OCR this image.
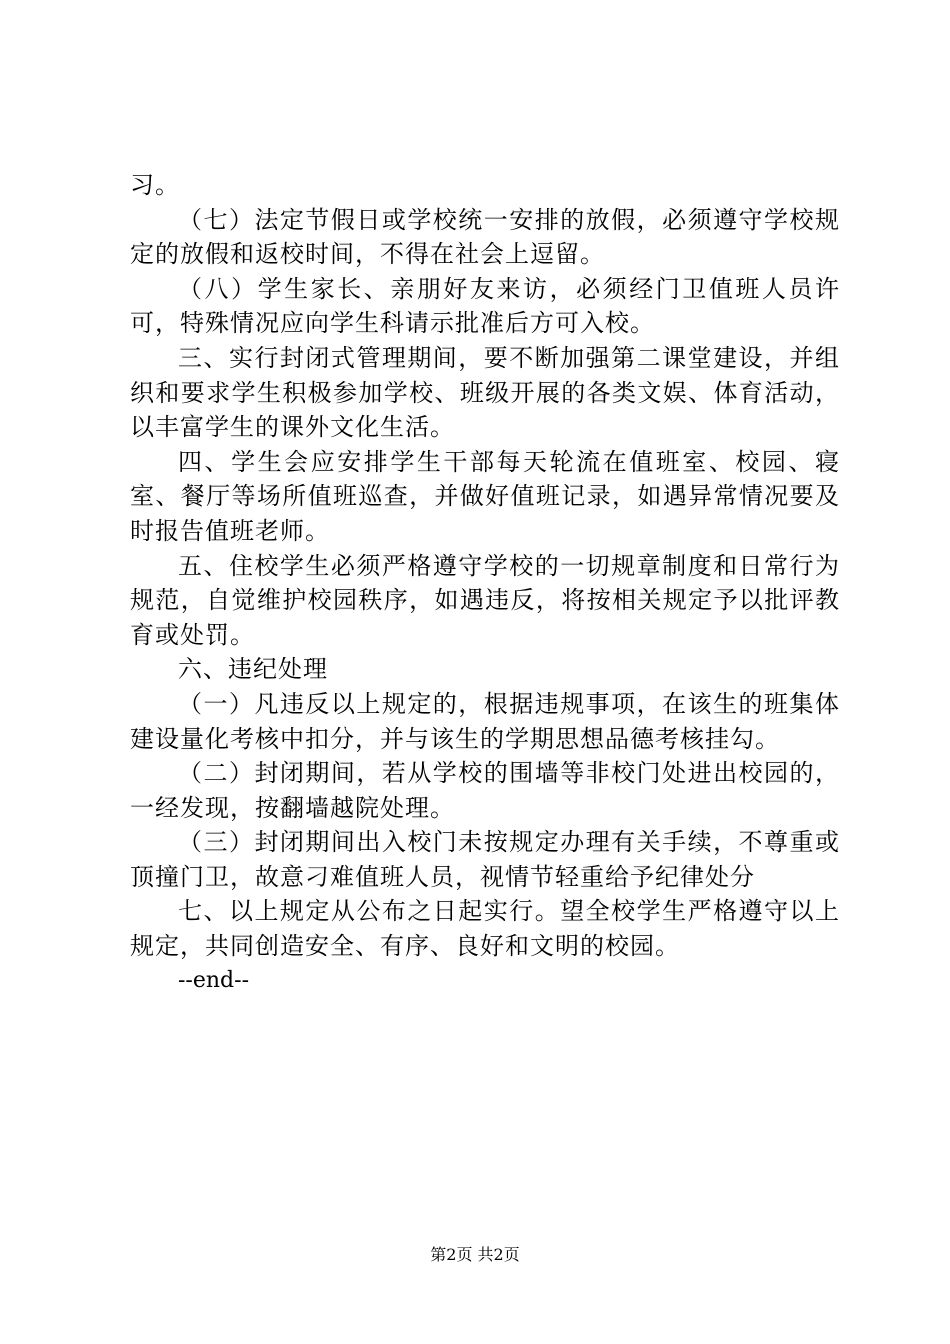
习。

（七）法定节假日或学校统一安排的放假，必须遵守学校规定的放假和返校时间，不得在社会上逗留。

（八）学生家长、亲朋好友来访，必须经门卫值班人员许可，特殊情况应向学生科请示批准后方可入校。

三、实行封闭式管理期间，要不断加强第二课堂建设，并组织和要求学生积极参加学校、班级开展的各类文娱、体育活动，以丰富学生的课外文化生活。

四、学生会应安排学生干部每天轮流在值班室、校园、寝室、餐厅等场所值班巡查，并做好值班记录，如遇异常情况要及时报告值班老师。

五、住校学生必须严格遵守学校的一切规章制度和日常行为规范，自觉维护校园秩序，如遇违反，将按相关规定予以批评教育或处罚。

六、违纪处理

（一）凡违反以上规定的，根据违规事项，在该生的班集体建设量化考核中扣分，并与该生的学期思想品德考核挂勾。

（二）封闭期间，若从学校的围墙等非校门处进出校园的，一经发现，按翻墙越院处理。

（三）封闭期间出入校门未按规定办理有关手续，不尊重或顶撞门卫，故意刁难值班人员，视情节轻重给予纪律处分

七、以上规定从公布之日起实行。望全校学生严格遵守以上规定，共同创造安全、有序、良好和文明的校园。

--end--

第2页 共2页
